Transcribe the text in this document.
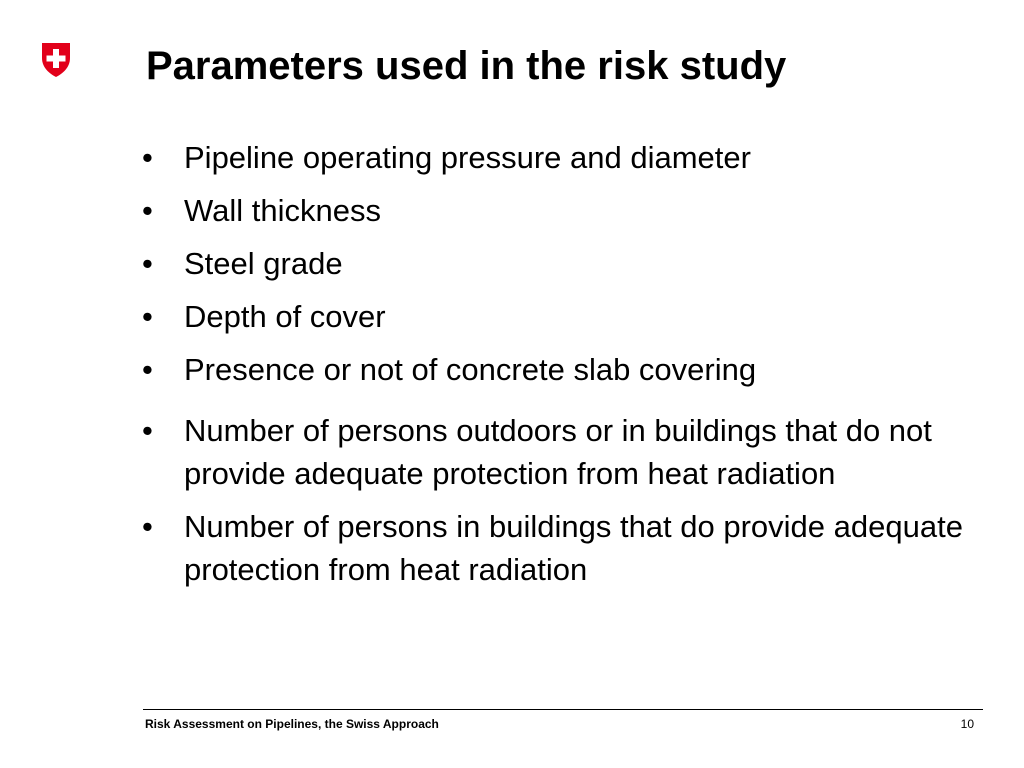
Parameters used in the risk study
• Pipeline operating pressure and diameter
• Wall thickness
• Steel grade
• Depth of cover
• Presence or not of concrete slab covering
• Number of persons outdoors or in buildings that do not provide adequate protection from heat radiation
• Number of persons in buildings that do provide adequate protection from heat radiation
Risk Assessment on Pipelines, the Swiss Approach	10
